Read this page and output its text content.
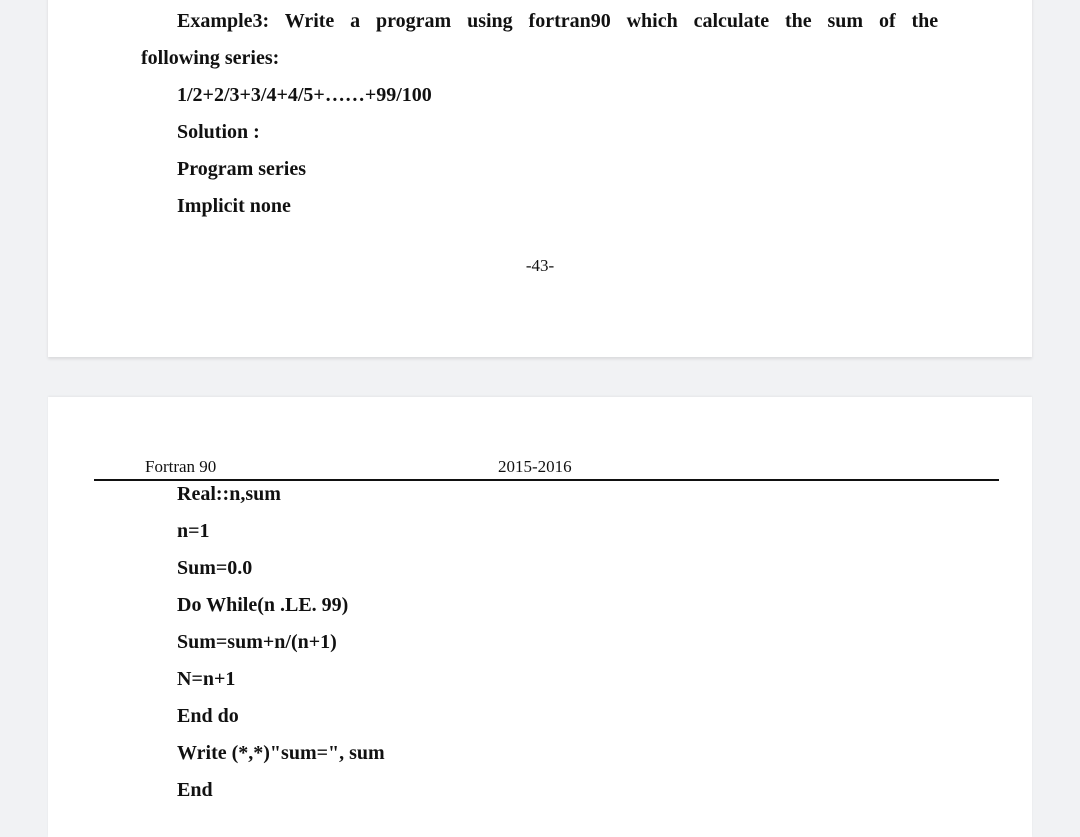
Example3: Write a program using fortran90 which calculate the sum of the
following series:
1/2+2/3+3/4+4/5+……+99/100
Solution :
Program series
Implicit none
-43-
Fortran 90	2015-2016
Real::n,sum
n=1
Sum=0.0
Do While(n .LE. 99)
Sum=sum+n/(n+1)
N=n+1
End do
Write (*,*)"sum=", sum
End
